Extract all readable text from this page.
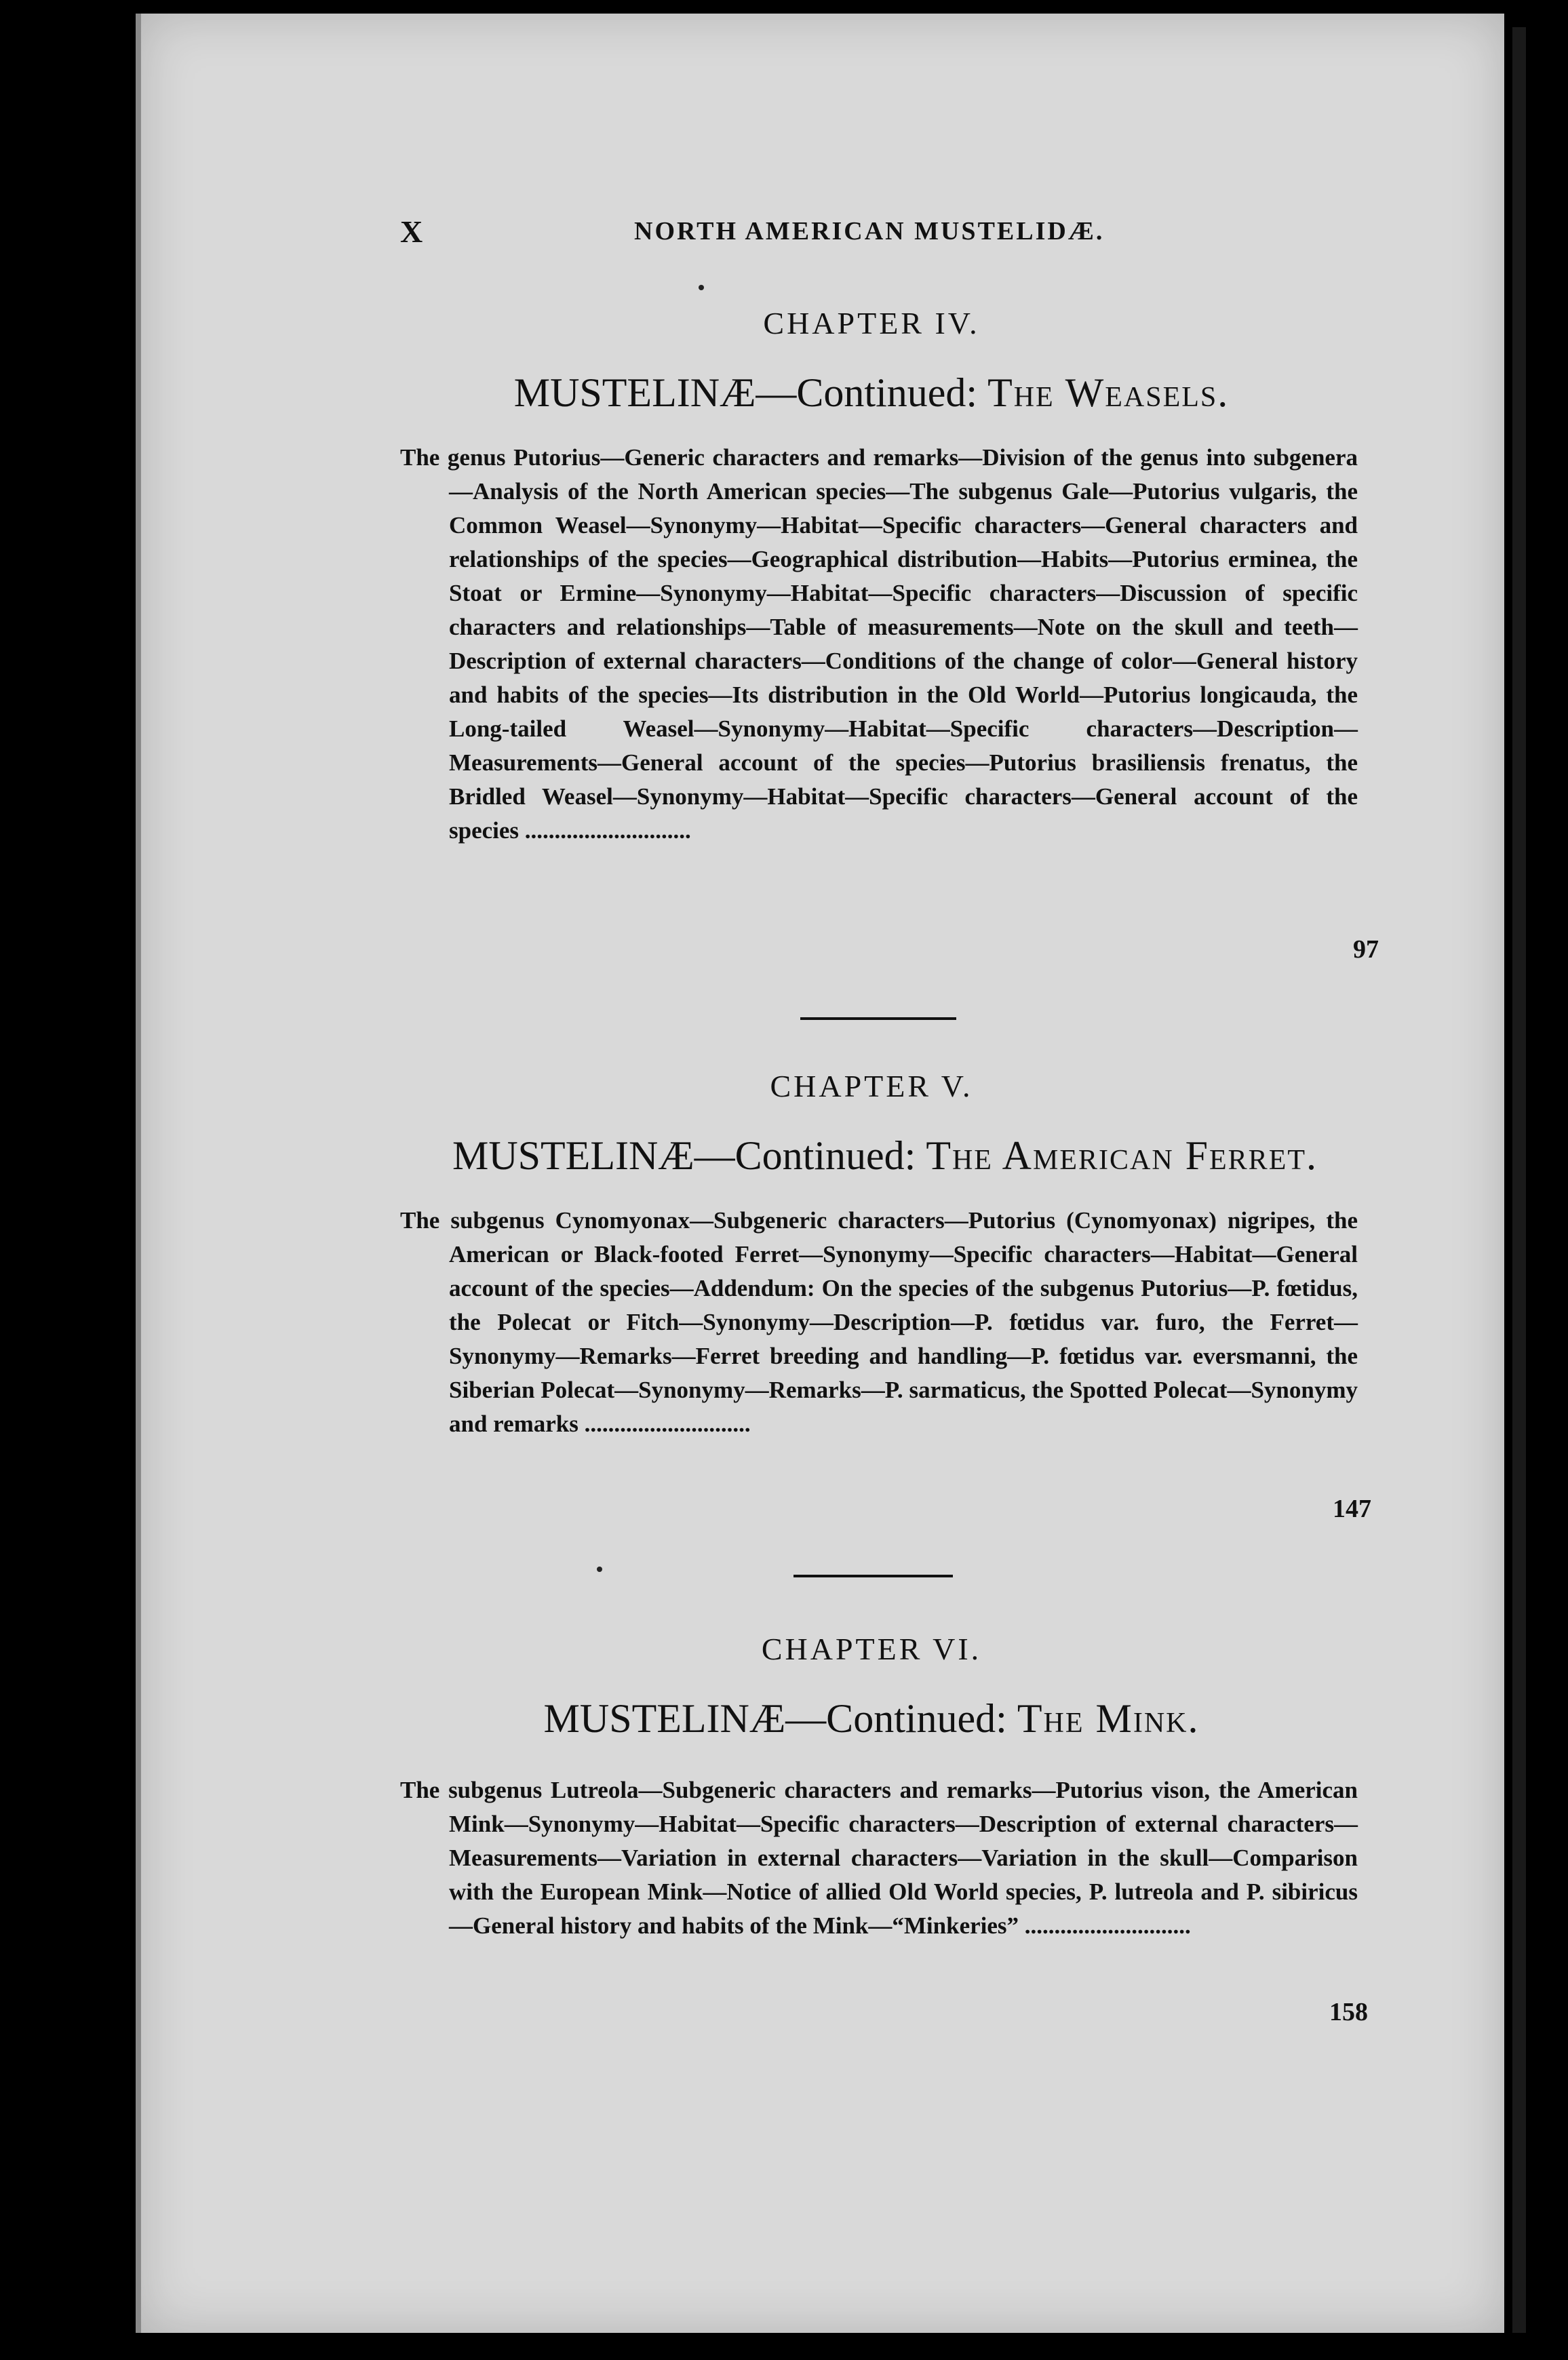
X	NORTH AMERICAN MUSTELIDÆ.
CHAPTER IV.
MUSTELINÆ—Continued: The Weasels.
The genus Putorius—Generic characters and remarks—Division of the genus into subgenera—Analysis of the North American species—The subgenus Gale—Putorius vulgaris, the Common Weasel—Synonymy—Habitat—Specific characters—General characters and relationships of the species—Geographical distribution—Habits—Putorius erminea, the Stoat or Ermine—Synonymy—Habitat—Specific characters—Discussion of specific characters and relationships—Table of measurements—Note on the skull and teeth—Description of external characters—Conditions of the change of color—General history and habits of the species—Its distribution in the Old World—Putorius longicauda, the Long-tailed Weasel—Synonymy—Habitat—Specific characters—Description—Measurements—General account of the species—Putorius brasiliensis frenatus, the Bridled Weasel—Synonymy—Habitat—Specific characters—General account of the species ............................
97
CHAPTER V.
MUSTELINÆ—Continued: The American Ferret.
The subgenus Cynomyonax—Subgeneric characters—Putorius (Cynomyonax) nigripes, the American or Black-footed Ferret—Synonymy—Specific characters—Habitat—General account of the species—Addendum: On the species of the subgenus Putorius—P. fœtidus, the Polecat or Fitch—Synonymy—Description—P. fœtidus var. furo, the Ferret—Synonymy—Remarks—Ferret breeding and handling—P. fœtidus var. eversmanni, the Siberian Polecat—Synonymy—Remarks—P. sarmaticus, the Spotted Polecat—Synonymy and remarks ............................
147
CHAPTER VI.
MUSTELINÆ—Continued: The Mink.
The subgenus Lutreola—Subgeneric characters and remarks—Putorius vison, the American Mink—Synonymy—Habitat—Specific characters—Description of external characters—Measurements—Variation in external characters—Variation in the skull—Comparison with the European Mink—Notice of allied Old World species, P. lutreola and P. sibiricus—General history and habits of the Mink—“Minkeries” ............................
158
